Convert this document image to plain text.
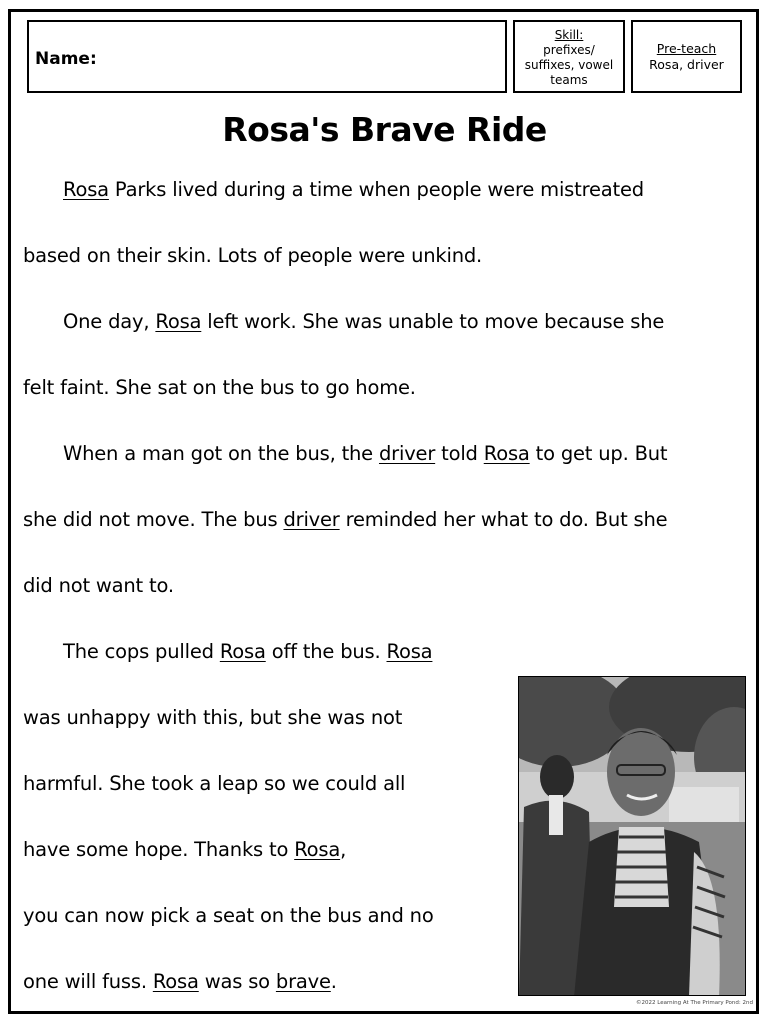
Name:
Skill:
prefixes/
suffixes, vowel
teams
Pre-teach
Rosa, driver
Rosa's Brave Ride
Rosa Parks lived during a time when people were mistreated
based on their skin. Lots of people were unkind.
One day, Rosa left work. She was unable to move because she
felt faint. She sat on the bus to go home.
When a man got on the bus, the driver told Rosa to get up. But
she did not move. The bus driver reminded her what to do. But she
did not want to.
The cops pulled Rosa off the bus. Rosa
was unhappy with this, but she was not
harmful. She took a leap so we could all
have some hope. Thanks to Rosa,
you can now pick a seat on the bus and no
one will fuss. Rosa was so brave.
©2022 Learning At The Primary Pond: 2nd
